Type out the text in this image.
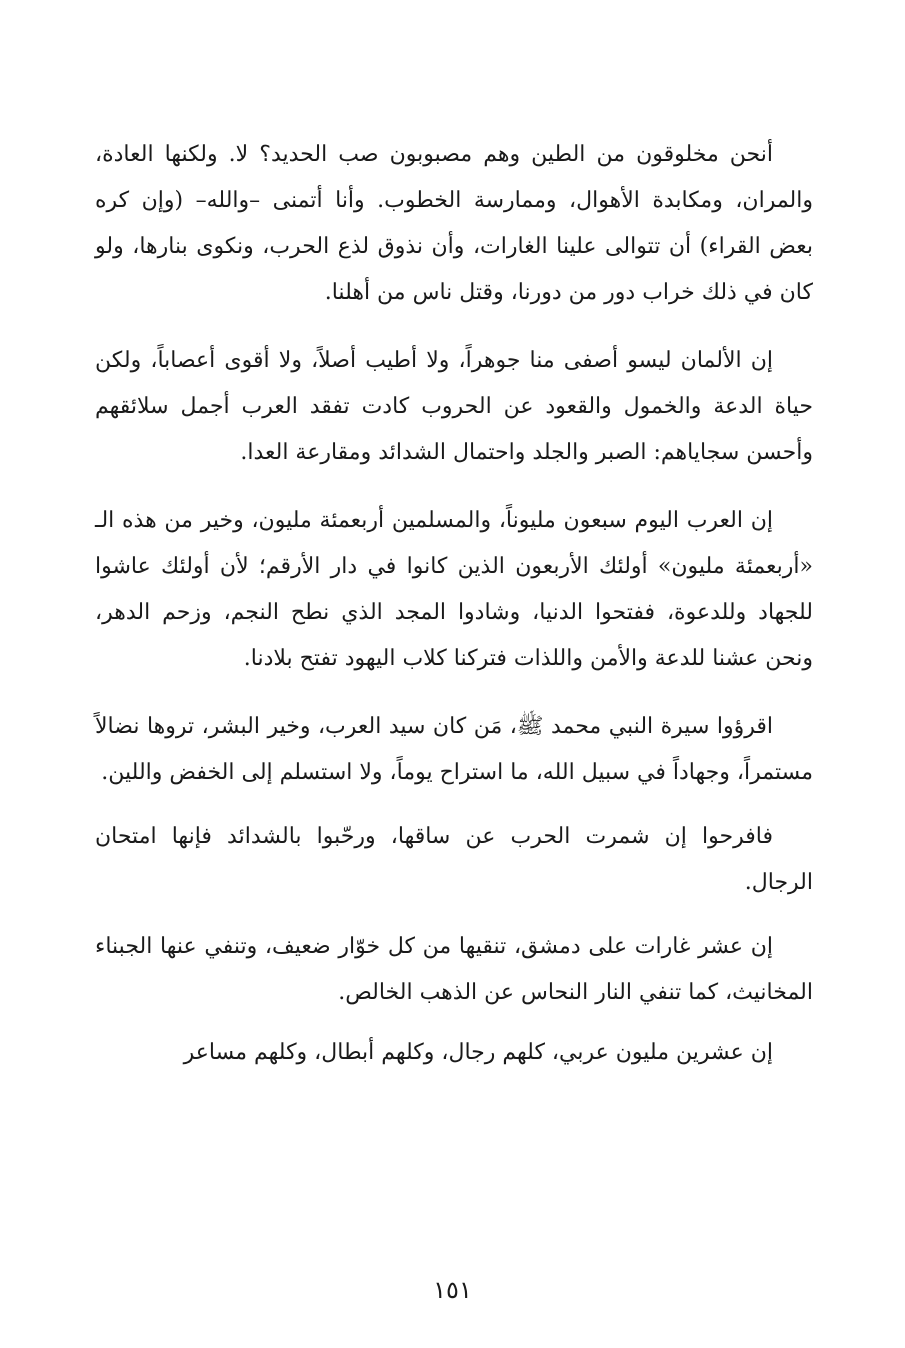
أنحن مخلوقون من الطين وهم مصبوبون صب الحديد؟ لا. ولكنها العادة، والمران، ومكابدة الأهوال، وممارسة الخطوب. وأنا أتمنى –والله– (وإن كره بعض القراء) أن تتوالى علينا الغارات، وأن نذوق لذع الحرب، ونكوى بنارها، ولو كان في ذلك خراب دور من دورنا، وقتل ناس من أهلنا.

إن الألمان ليسو أصفى منا جوهراً، ولا أطيب أصلاً، ولا أقوى أعصاباً، ولكن حياة الدعة والخمول والقعود عن الحروب كادت تفقد العرب أجمل سلائقهم وأحسن سجاياهم: الصبر والجلد واحتمال الشدائد ومقارعة العدا.

إن العرب اليوم سبعون مليوناً، والمسلمين أربعمئة مليون، وخير من هذه الـ «أربعمئة مليون» أولئك الأربعون الذين كانوا في دار الأرقم؛ لأن أولئك عاشوا للجهاد وللدعوة، ففتحوا الدنيا، وشادوا المجد الذي نطح النجم، وزحم الدهر، ونحن عشنا للدعة والأمن واللذات فتركنا كلاب اليهود تفتح بلادنا.

اقرؤوا سيرة النبي محمد ﷺ، مَن كان سيد العرب، وخير البشر، تروها نضالاً مستمراً، وجهاداً في سبيل الله، ما استراح يوماً، ولا استسلم إلى الخفض واللين.

فافرحوا إن شمرت الحرب عن ساقها، ورحّبوا بالشدائد فإنها امتحان الرجال.

إن عشر غارات على دمشق، تنقيها من كل خوّار ضعيف، وتنفي عنها الجبناء المخانيث، كما تنفي النار النحاس عن الذهب الخالص.

إن عشرين مليون عربي، كلهم رجال، وكلهم أبطال، وكلهم مساعر

١٥١
